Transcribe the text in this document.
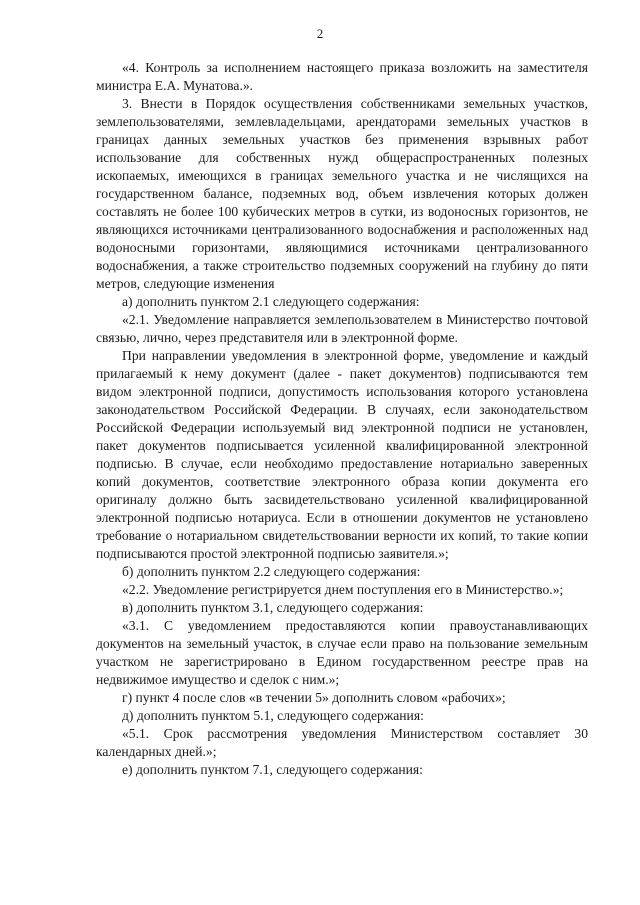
2

«4. Контроль за исполнением настоящего приказа возложить на заместителя министра Е.А. Мунатова.».

3. Внести в Порядок осуществления собственниками земельных участков, землепользователями, землевладельцами, арендаторами земельных участков в границах данных земельных участков без применения взрывных работ использование для собственных нужд общераспространенных полезных ископаемых, имеющихся в границах земельного участка и не числящихся на государственном балансе, подземных вод, объем извлечения которых должен составлять не более 100 кубических метров в сутки, из водоносных горизонтов, не являющихся источниками централизованного водоснабжения и расположенных над водоносными горизонтами, являющимися источниками централизованного водоснабжения, а также строительство подземных сооружений на глубину до пяти метров, следующие изменения

а) дополнить пунктом 2.1 следующего содержания:

«2.1. Уведомление направляется землепользователем в Министерство почтовой связью, лично, через представителя или в электронной форме.

При направлении уведомления в электронной форме, уведомление и каждый прилагаемый к нему документ (далее - пакет документов) подписываются тем видом электронной подписи, допустимость использования которого установлена законодательством Российской Федерации. В случаях, если законодательством Российской Федерации используемый вид электронной подписи не установлен, пакет документов подписывается усиленной квалифицированной электронной подписью. В случае, если необходимо предоставление нотариально заверенных копий документов, соответствие электронного образа копии документа его оригиналу должно быть засвидетельствовано усиленной квалифицированной электронной подписью нотариуса. Если в отношении документов не установлено требование о нотариальном свидетельствовании верности их копий, то такие копии подписываются простой электронной подписью заявителя.»;

б) дополнить пунктом 2.2 следующего содержания:

«2.2. Уведомление регистрируется днем поступления его в Министерство.»;

в) дополнить пунктом 3.1, следующего содержания:

«3.1. С уведомлением предоставляются копии правоустанавливающих документов на земельный участок, в случае если право на пользование земельным участком не зарегистрировано в Едином государственном реестре прав на недвижимое имущество и сделок с ним.»;

г) пункт 4 после слов «в течении 5» дополнить словом «рабочих»;

д) дополнить пунктом 5.1, следующего содержания:

«5.1. Срок рассмотрения уведомления Министерством составляет 30 календарных дней.»;

е) дополнить пунктом 7.1, следующего содержания:
